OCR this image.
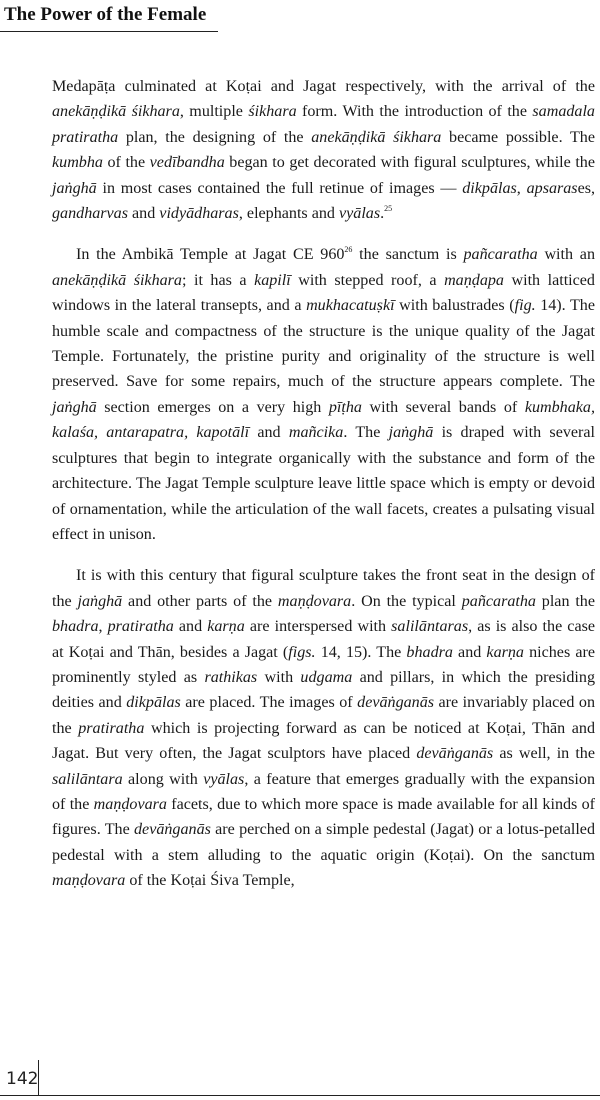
The Power of the Female

Medapāṭa culminated at Koṭai and Jagat respectively, with the arrival of the anekāṇḍikā śikhara, multiple śikhara form. With the introduction of the samadala pratiratha plan, the designing of the anekāṇḍikā śikhara became possible. The kumbha of the vedībandha began to get decorated with figural sculptures, while the jaṅghā in most cases contained the full retinue of images — dikpālas, apsarases, gandharvas and vidyādharas, elephants and vyālas.$^{25}$

In the Ambikā Temple at Jagat CE $960^{26}$ the sanctum is pañcaratha with an anekāṇḍikā śikhara; it has a kapilī with stepped roof, a maṇḍapa with latticed windows in the lateral transepts, and a mukhacatuṣkī with balustrades (fig. 14). The humble scale and compactness of the structure is the unique quality of the Jagat Temple. Fortunately, the pristine purity and originality of the structure is well preserved. Save for some repairs, much of the structure appears complete. The jaṅghā section emerges on a very high pīṭha with several bands of kumbhaka, kalaśa, antarapatra, kapotālī and mañcika. The jaṅghā is draped with several sculptures that begin to integrate organically with the substance and form of the architecture. The Jagat Temple sculpture leave little space which is empty or devoid of ornamentation, while the articulation of the wall facets, creates a pulsating visual effect in unison.

It is with this century that figural sculpture takes the front seat in the design of the jaṅghā and other parts of the maṇḍovara. On the typical pañcaratha plan the bhadra, pratiratha and karṇa are interspersed with salilāntaras, as is also the case at Koṭai and Thān, besides a Jagat (figs. 14, 15). The bhadra and karṇa niches are prominently styled as rathikas with udgama and pillars, in which the presiding deities and dikpālas are placed. The images of devāṅganās are invariably placed on the pratiratha which is projecting forward as can be noticed at Koṭai, Thān and Jagat. But very often, the Jagat sculptors have placed devāṅganās as well, in the salilāntara along with vyālas, a feature that emerges gradually with the expansion of the maṇḍovara facets, due to which more space is made available for all kinds of figures. The devāṅganās are perched on a simple pedestal (Jagat) or a lotus-petalled pedestal with a stem alluding to the aquatic origin (Koṭai). On the sanctum maṇḍovara of the Koṭai Śiva Temple,

142
